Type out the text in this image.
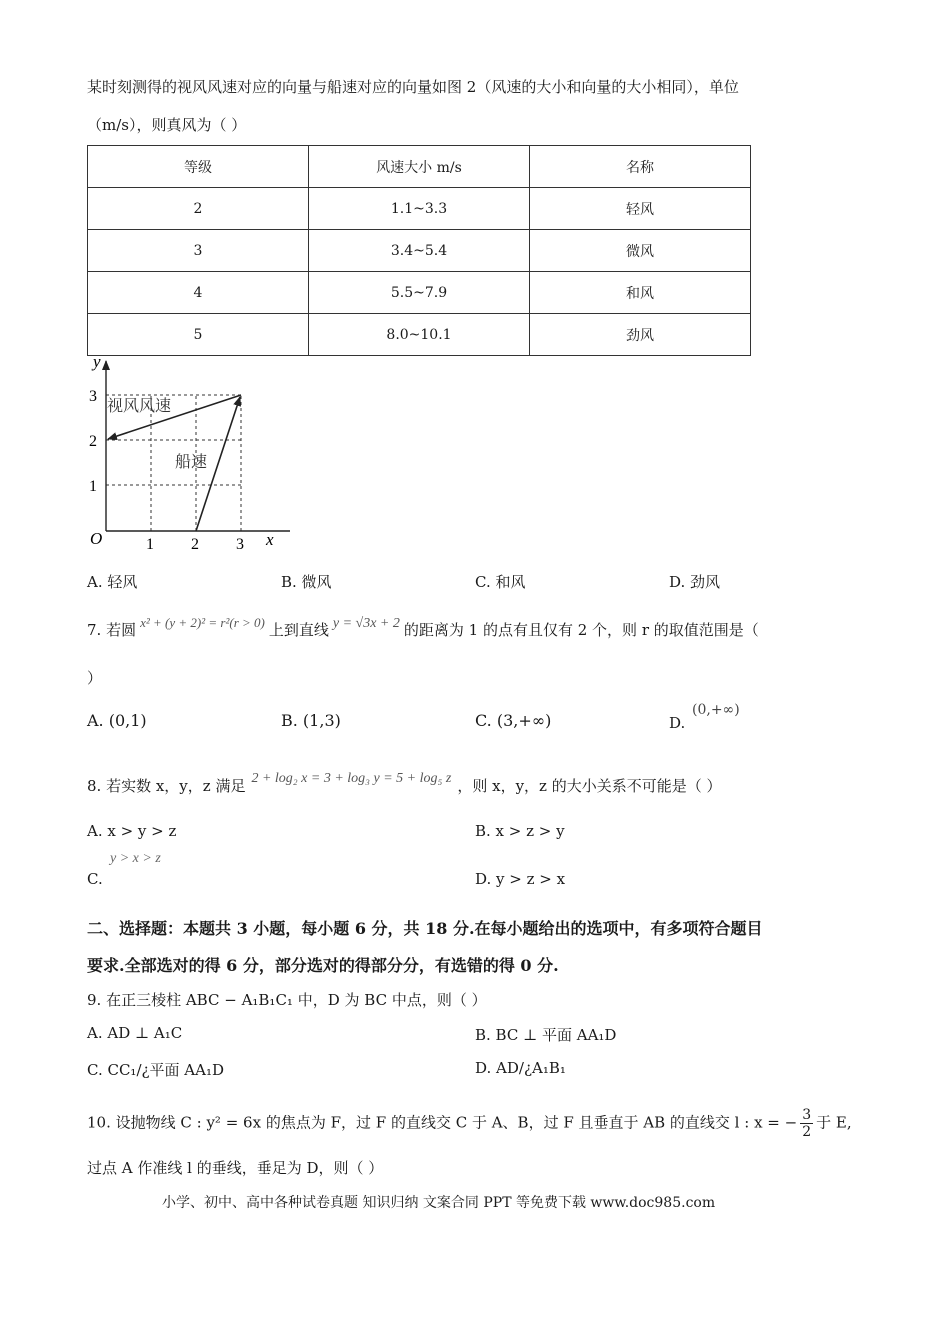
某时刻测得的视风风速对应的向量与船速对应的向量如图 2（风速的大小和向量的大小相同），单位
（m/s），则真风为（ ）
等级	风速大小 m/s	名称
2	1.1~3.3	轻风
3	3.4~5.4	微风
4	5.5~7.9	和风
5	8.0~10.1	劲风
y
x
O	1 2 3
1
2
3 视风风速
船速
A. 轻风	B. 微风	C. 和风	D. 劲风
7. 若圆 x² + (y + 2)² = r²(r > 0) 上到直线 y = √3x + 2 的距离为 1 的点有且仅有 2 个，则 r 的取值范围是（
）
A. (0,1)	B. (1,3)	C. (3,+∞)	D.
(0,+∞)
8. 若实数 x，y，z 满足 2 + log₂ x = 3 + log₃ y = 5 + log₅ z ，则 x，y，z 的大小关系不可能是（ ）
A. x > y > z	B. x > z > y
y > x > z
C.	D. y > z > x
二、选择题：本题共 3 小题，每小题 6 分，共 18 分.在每小题给出的选项中，有多项符合题目
要求.全部选对的得 6 分，部分选对的得部分分，有选错的得 0 分.
9. 在正三棱柱 ABC − A₁B₁C₁ 中，D 为 BC 中点，则（ ）
A. AD ⊥ A₁C	B. BC ⊥ 平面 AA₁D
C. CC₁/¿平面 AA₁D	D. AD/¿A₁B₁
10. 设抛物线 C : y² = 6x 的焦点为 F，过 F 的直线交 C 于 A、B，过 F 且垂直于 AB 的直线交 l : x = − $\frac{3}{2}$ 于 E,
过点 A 作准线 l 的垂线，垂足为 D，则（ ）
小学、初中、高中各种试卷真题 知识归纳 文案合同 PPT 等免费下载 www.doc985.com
